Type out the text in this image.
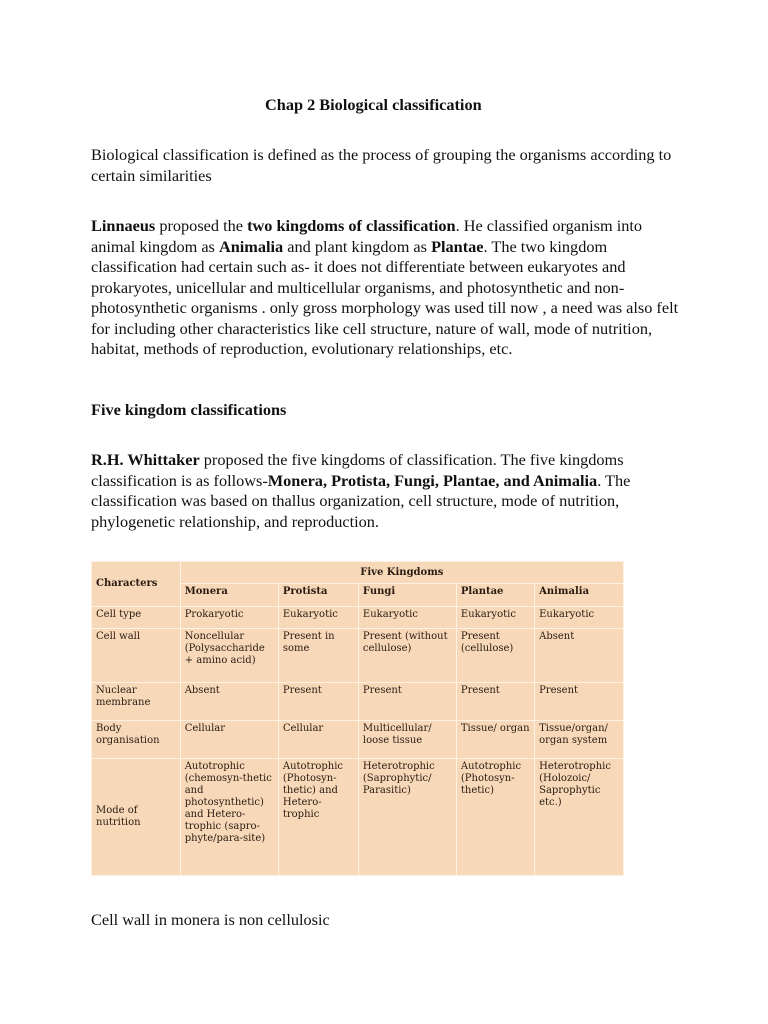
Chap 2 Biological classification
Biological classification is defined as the process of grouping the organisms according to certain similarities
Linnaeus proposed the two kingdoms of classification. He classified organism into animal kingdom as Animalia and plant kingdom as Plantae. The two kingdom classification had certain such as- it does not differentiate between eukaryotes and prokaryotes, unicellular and multicellular organisms, and photosynthetic and non-photosynthetic organisms . only gross morphology was used till now , a need was also felt for including other characteristics like cell structure, nature of wall, mode of nutrition, habitat, methods of reproduction, evolutionary relationships, etc.
Five kingdom classifications
R.H. Whittaker proposed the five kingdoms of classification. The five kingdoms classification is as follows-Monera, Protista, Fungi, Plantae, and Animalia. The classification was based on thallus organization, cell structure, mode of nutrition, phylogenetic relationship, and reproduction.
Cell wall in monera is non cellulosic
Characters	Five Kingdoms				
	Monera	Protista	Fungi	Plantae	Animalia
Cell type	Prokaryotic	Eukaryotic	Eukaryotic	Eukaryotic	Eukaryotic
Cell wall	Noncellular (Polysaccharide + amino acid)	Present in some	Present (without cellulose)	Present (cellulose)	Absent
Nuclear membrane	Absent	Present	Present	Present	Present
Body organisation	Cellular	Cellular	Multicellular/ loose tissue	Tissue/ organ	Tissue/organ/ organ system
Mode of nutrition	Autotrophic (chemosyn-thetic and photosynthetic) and Hetero-trophic (sapro-phyte/para-site)	Autotrophic (Photosyn-thetic) and Hetero-trophic	Heterotrophic (Saprophytic/ Parasitic)	Autotrophic (Photosyn-thetic)	Heterotrophic (Holozoic/ Saprophytic etc.)
